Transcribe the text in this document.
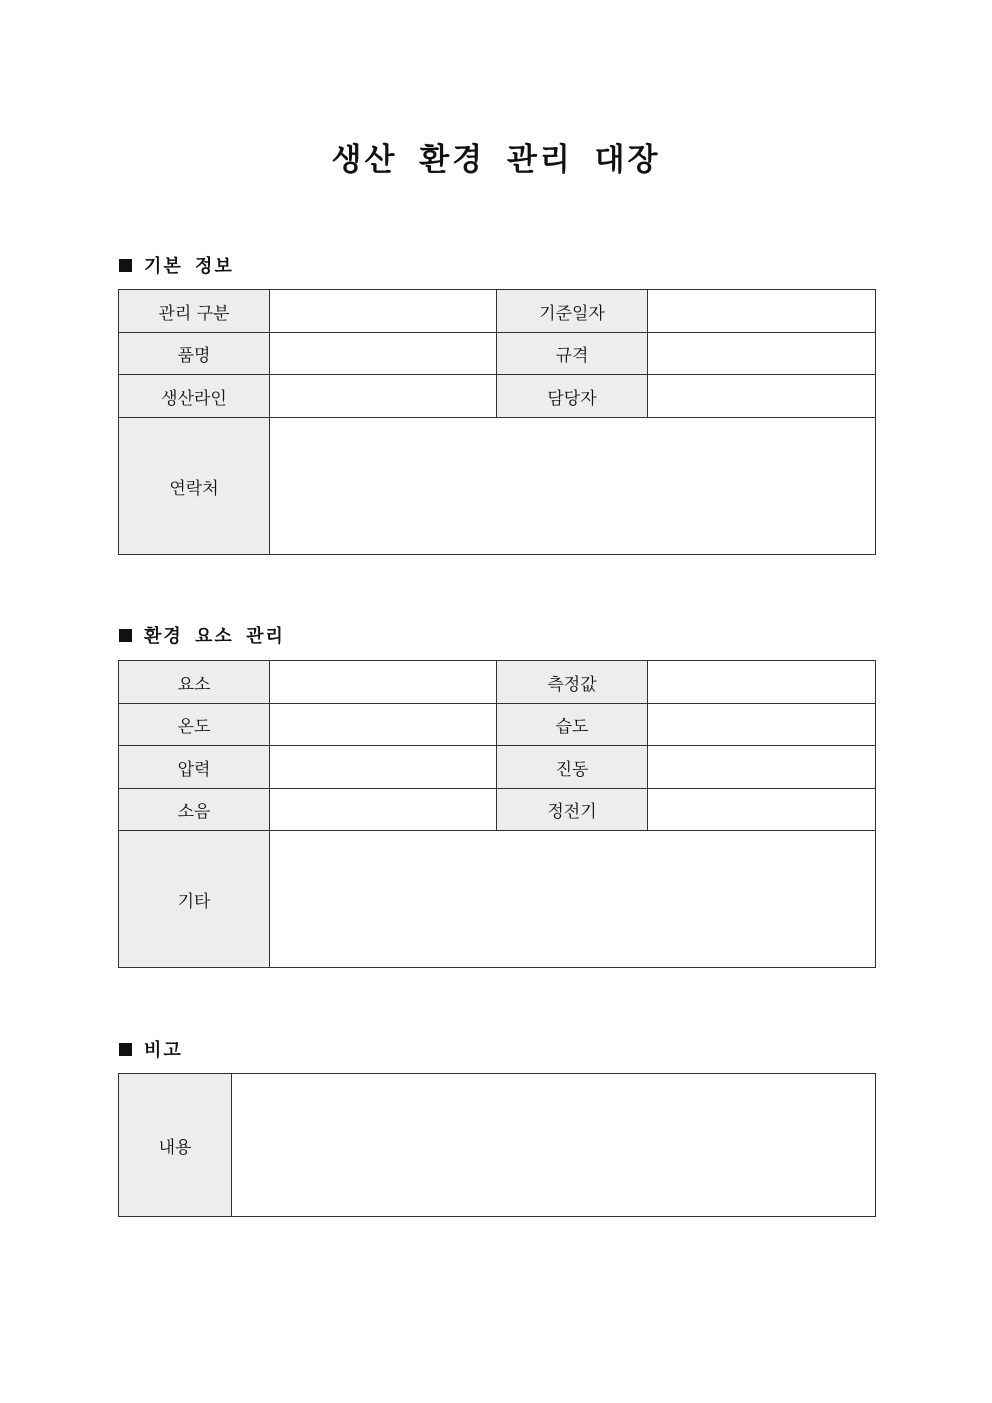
생산 환경 관리 대장
기본 정보
관리 구분		기준일자	
품명		규격	
생산라인		담당자	
연락처			
환경 요소 관리
요소		측정값	
온도		습도	
압력		진동	
소음		정전기	
기타			
비고
내용	
